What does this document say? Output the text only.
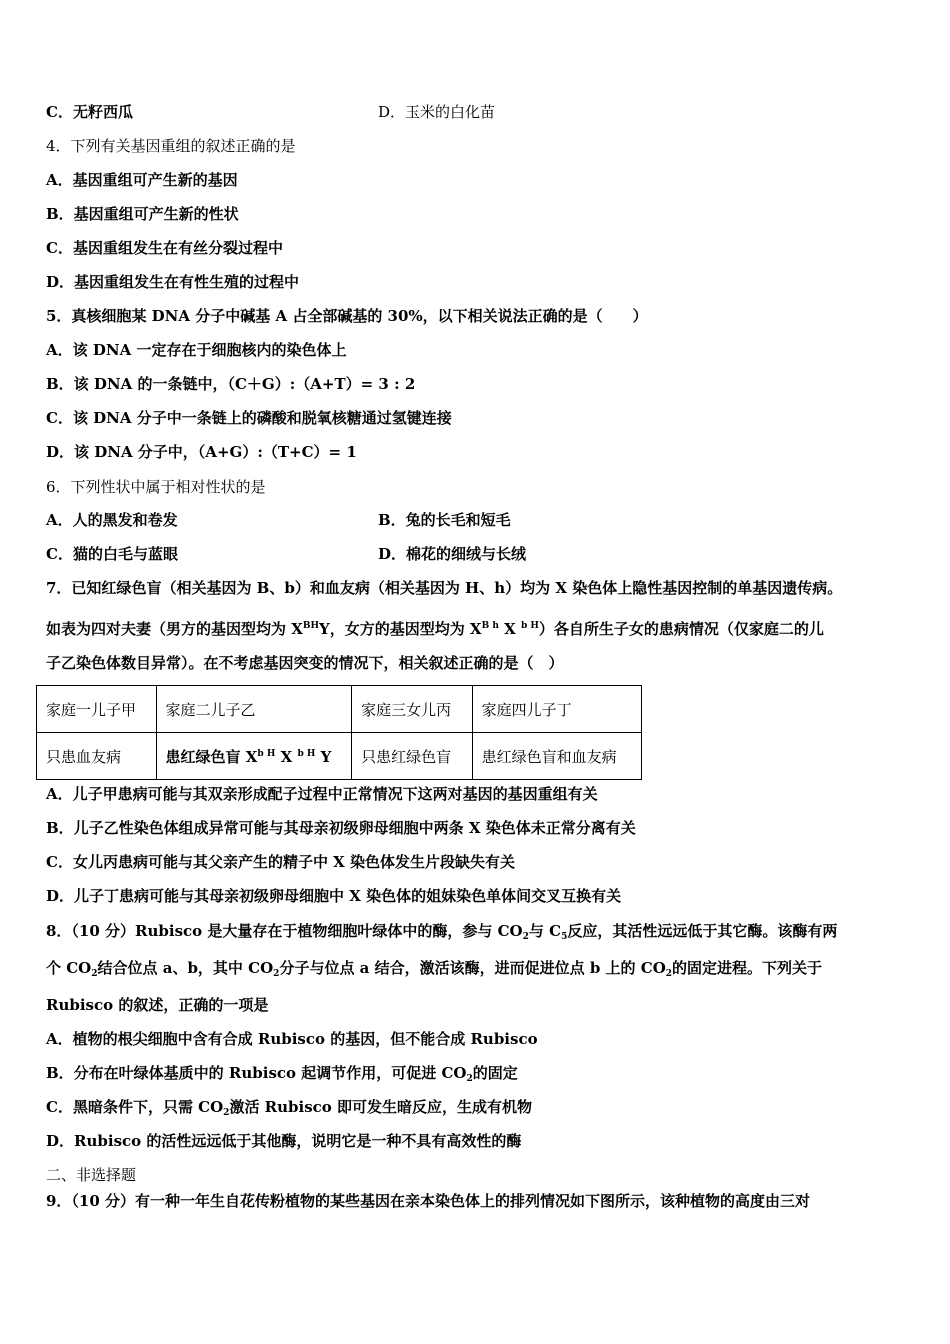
C．无籽西瓜	D．玉米的白化苗
4．下列有关基因重组的叙述正确的是
A．基因重组可产生新的基因
B．基因重组可产生新的性状
C．基因重组发生在有丝分裂过程中
D．基因重组发生在有性生殖的过程中
5．真核细胞某 DNA 分子中碱基 A 占全部碱基的 30%，以下相关说法正确的是（　　）
A．该 DNA 一定存在于细胞核内的染色体上
B．该 DNA 的一条链中，（C＋G）:（A+T）= 3 : 2
C．该 DNA 分子中一条链上的磷酸和脱氧核糖通过氢键连接
D．该 DNA 分子中，（A+G）:（T+C）= 1
6．下列性状中属于相对性状的是
A．人的黑发和卷发	B．兔的长毛和短毛
C．猫的白毛与蓝眼	D．棉花的细绒与长绒
7．已知红绿色盲（相关基因为 B、b）和血友病（相关基因为 H、h）均为 X 染色体上隐性基因控制的单基因遗传病。
如表为四对夫妻（男方的基因型均为 $X^{BH}Y$，女方的基因型均为 $X^{B h}$ X $^{b H}$）各自所生子女的患病情况（仅家庭二的儿
子乙染色体数目异常）。在不考虑基因突变的情况下，相关叙述正确的是（　）
家庭一儿子甲	家庭二儿子乙	家庭三女儿丙	家庭四儿子丁
只患血友病	患红绿色盲 $X^{b H}$ X $^{b H}$ Y	只患红绿色盲	患红绿色盲和血友病
A．儿子甲患病可能与其双亲形成配子过程中正常情况下这两对基因的基因重组有关
B．儿子乙性染色体组成异常可能与其母亲初级卵母细胞中两条 X 染色体未正常分离有关
C．女儿丙患病可能与其父亲产生的精子中 X 染色体发生片段缺失有关
D．儿子丁患病可能与其母亲初级卵母细胞中 X 染色体的姐妹染色单体间交叉互换有关
8．（10 分）Rubisco 是大量存在于植物细胞叶绿体中的酶，参与 $CO_2$与 $C_5$反应，其活性远远低于其它酶。该酶有两
个 $CO_2$结合位点 a、b，其中 $CO_2$分子与位点 a 结合，激活该酶，进而促进位点 b 上的 $CO_2$的固定进程。下列关于
Rubisco 的叙述，正确的一项是
A．植物的根尖细胞中含有合成 Rubisco 的基因，但不能合成 Rubisco
B．分布在叶绿体基质中的 Rubisco 起调节作用，可促进 $CO_2$的固定
C．黑暗条件下，只需 $CO_2$激活 Rubisco 即可发生暗反应，生成有机物
D．Rubisco 的活性远远低于其他酶，说明它是一种不具有高效性的酶
二、非选择题
9．（10 分）有一种一年生自花传粉植物的某些基因在亲本染色体上的排列情况如下图所示，该种植物的高度由三对
